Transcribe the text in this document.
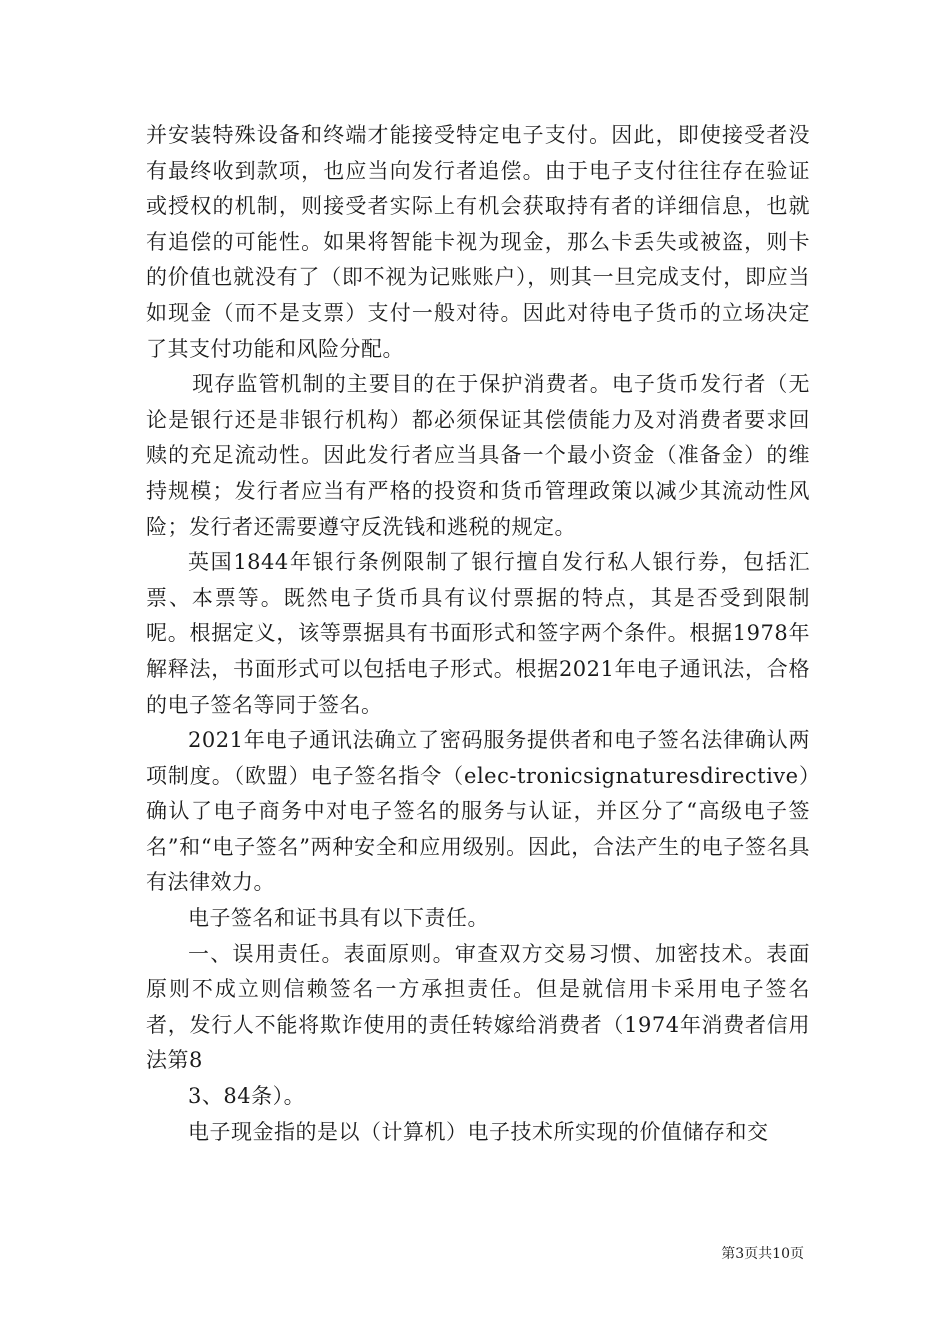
并安装特殊设备和终端才能接受特定电子支付。因此，即使接受者没有最终收到款项，也应当向发行者追偿。由于电子支付往往存在验证或授权的机制，则接受者实际上有机会获取持有者的详细信息，也就有追偿的可能性。如果将智能卡视为现金，那么卡丢失或被盗，则卡的价值也就没有了（即不视为记账账户），则其一旦完成支付，即应当如现金（而不是支票）支付一般对待。因此对待电子货币的立场决定了其支付功能和风险分配。

现存监管机制的主要目的在于保护消费者。电子货币发行者（无论是银行还是非银行机构）都必须保证其偿债能力及对消费者要求回赎的充足流动性。因此发行者应当具备一个最小资金（准备金）的维持规模；发行者应当有严格的投资和货币管理政策以减少其流动性风险；发行者还需要遵守反洗钱和逃税的规定。

英国1844年银行条例限制了银行擅自发行私人银行券，包括汇票、本票等。既然电子货币具有议付票据的特点，其是否受到限制呢。根据定义，该等票据具有书面形式和签字两个条件。根据1978年解释法，书面形式可以包括电子形式。根据2021年电子通讯法，合格的电子签名等同于签名。

2021年电子通讯法确立了密码服务提供者和电子签名法律确认两项制度。（欧盟）电子签名指令（elec-tronicsignaturesdirective）确认了电子商务中对电子签名的服务与认证，并区分了“高级电子签名”和“电子签名”两种安全和应用级别。因此，合法产生的电子签名具有法律效力。

电子签名和证书具有以下责任。

一、误用责任。表面原则。审查双方交易习惯、加密技术。表面原则不成立则信赖签名一方承担责任。但是就信用卡采用电子签名者，发行人不能将欺诈使用的责任转嫁给消费者（1974年消费者信用法第8

3、84条）。

电子现金指的是以（计算机）电子技术所实现的价值储存和交

第3页共10页
